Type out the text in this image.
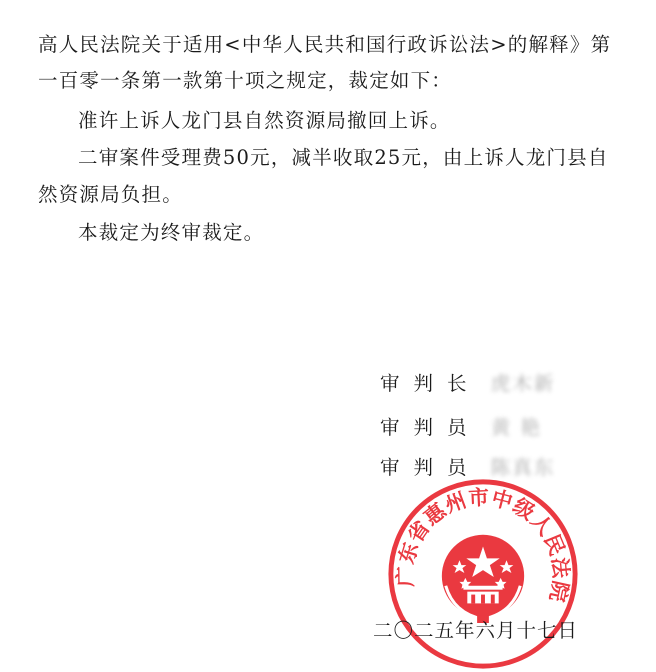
高人民法院关于适用<中华人民共和国行政诉讼法>的解释》第
一百零一条第一款第十项之规定，裁定如下：
准许上诉人龙门县自然资源局撤回上诉。
二审案件受理费50元，减半收取25元，由上诉人龙门县自
然资源局负担。
本裁定为终审裁定。
审判长 虎木新
审判员 黄 艳
审判员 陈真东
广东省惠州市中级人民法院
二〇二五年六月十七日
